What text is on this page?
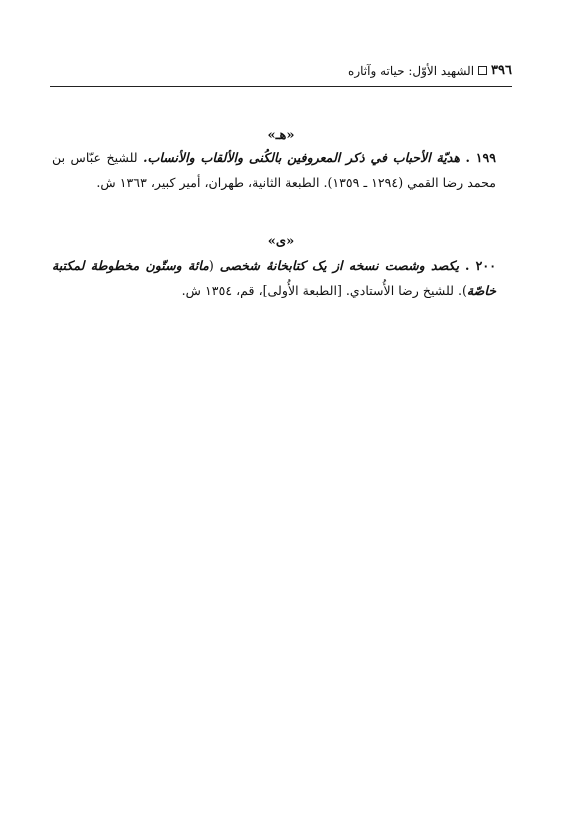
٣٩٦
الشهيد الأوّل: حياته وآثاره
«هـ»

١٩٩ . هديّة الأحباب في ذكر المعروفين بالكُنى والألقاب والأنساب. للشيخ عبّاس بن محمد رضا القمي (١٢٩٤ ـ ١٣٥٩). الطبعة الثانية، طهران، أمير كبير، ١٣٦٣ ش.

«ى»

٢٠٠ . يكصد وشصت نسخه از يک كتابخانهٔ شخصى (مائة وستّون مخطوطة لمكتبة خاصّة). للشيخ رضا الأُستادي. [الطبعة الأُولى]، قم، ١٣٥٤ ش.
